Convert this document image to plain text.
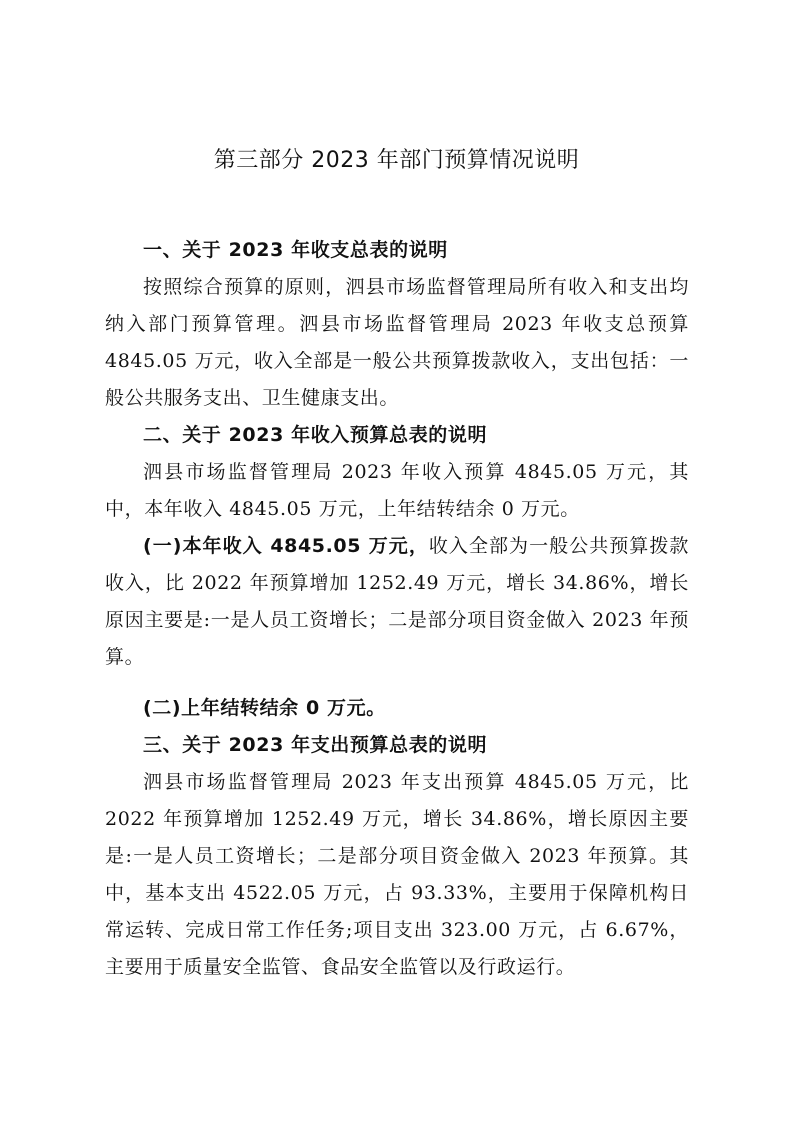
第三部分 2023 年部门预算情况说明

一、关于 2023 年收支总表的说明

按照综合预算的原则，泗县市场监督管理局所有收入和支出均纳入部门预算管理。泗县市场监督管理局 2023 年收支总预算 4845.05 万元，收入全部是一般公共预算拨款收入，支出包括：一般公共服务支出、卫生健康支出。

二、关于 2023 年收入预算总表的说明

泗县市场监督管理局 2023 年收入预算 4845.05 万元，其中，本年收入 4845.05 万元，上年结转结余 0 万元。

(一)本年收入 4845.05 万元，收入全部为一般公共预算拨款收入，比 2022 年预算增加 1252.49 万元，增长 34.86%，增长原因主要是:一是人员工资增长；二是部分项目资金做入 2023 年预算。

(二)上年结转结余 0 万元。

三、关于 2023 年支出预算总表的说明

泗县市场监督管理局 2023 年支出预算 4845.05 万元，比 2022 年预算增加 1252.49 万元，增长 34.86%，增长原因主要是:一是人员工资增长；二是部分项目资金做入 2023 年预算。其中，基本支出 4522.05 万元，占 93.33%，主要用于保障机构日常运转、完成日常工作任务;项目支出 323.00 万元，占 6.67%，主要用于质量安全监管、食品安全监管以及行政运行。
